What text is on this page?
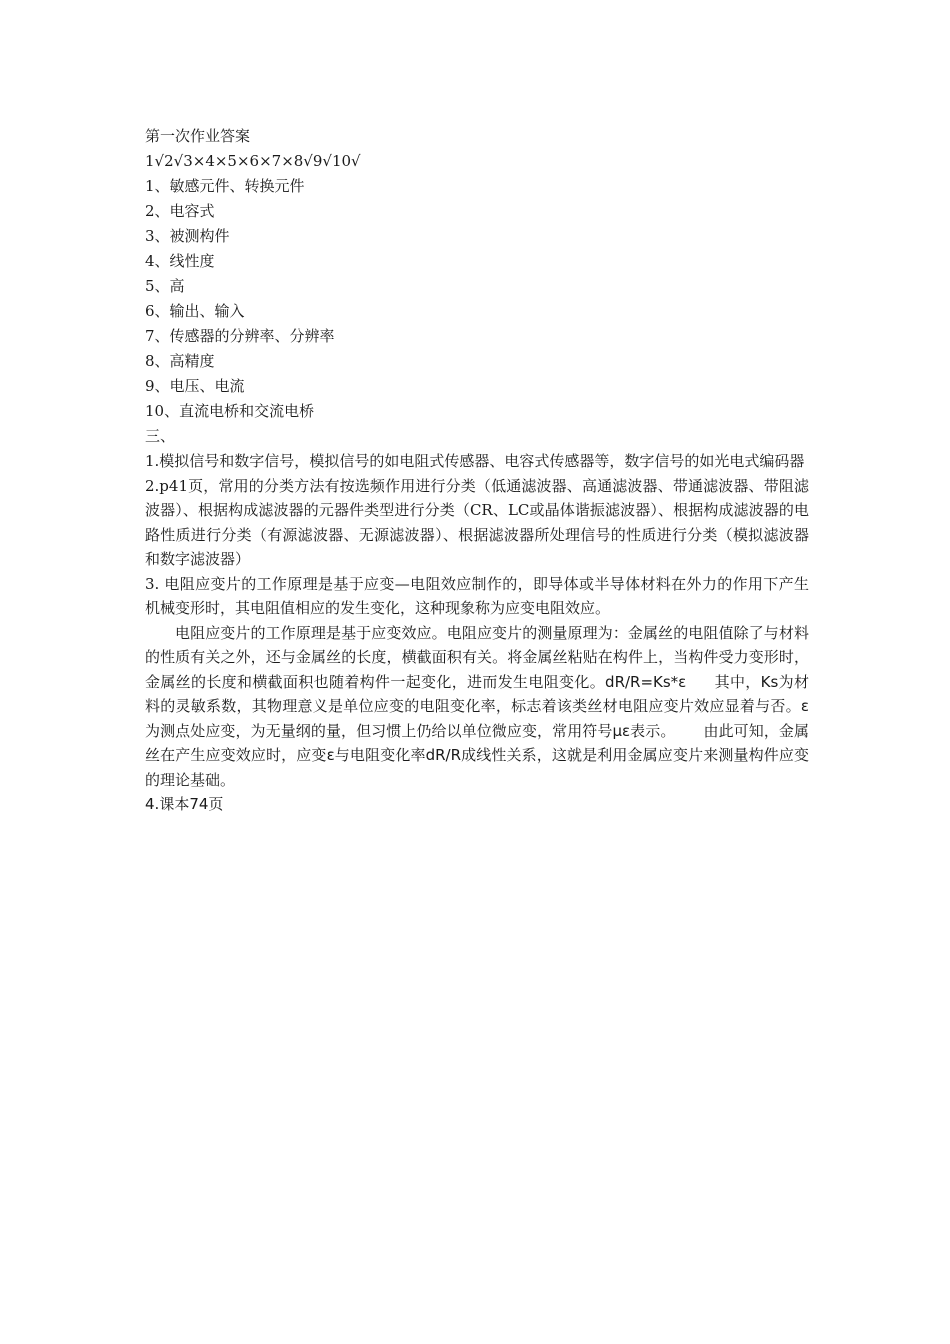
第一次作业答案
1√2√3×4×5×6×7×8√9√10√
1、敏感元件、转换元件
2、电容式
3、被测构件
4、线性度
5、高
6、输出、输入
7、传感器的分辨率、分辨率
8、高精度
9、电压、电流
10、直流电桥和交流电桥
三、

1.模拟信号和数字信号，模拟信号的如电阻式传感器、电容式传感器等，数字信号的如光电式编码器

2.p41页，常用的分类方法有按选频作用进行分类（低通滤波器、高通滤波器、带通滤波器、带阻滤波器）、根据构成滤波器的元器件类型进行分类（CR、LC或晶体谐振滤波器）、根据构成滤波器的电路性质进行分类（有源滤波器、无源滤波器）、根据滤波器所处理信号的性质进行分类（模拟滤波器和数字滤波器）

3. 电阻应变片的工作原理是基于应变—电阻效应制作的，即导体或半导体材料在外力的作用下产生机械变形时，其电阻值相应的发生变化，这种现象称为应变电阻效应。

电阻应变片的工作原理是基于应变效应。电阻应变片的测量原理为：金属丝的电阻值除了与材料的性质有关之外，还与金属丝的长度，横截面积有关。将金属丝粘贴在构件上，当构件受力变形时，金属丝的长度和横截面积也随着构件一起变化，进而发生电阻变化。dR/R=Ks*ε 其中，Ks为材料的灵敏系数，其物理意义是单位应变的电阻变化率，标志着该类丝材电阻应变片效应显着与否。ε为测点处应变，为无量纲的量，但习惯上仍给以单位微应变，常用符号με表示。 由此可知，金属丝在产生应变效应时，应变ε与电阻变化率dR/R成线性关系，这就是利用金属应变片来测量构件应变的理论基础。

4.课本74页
